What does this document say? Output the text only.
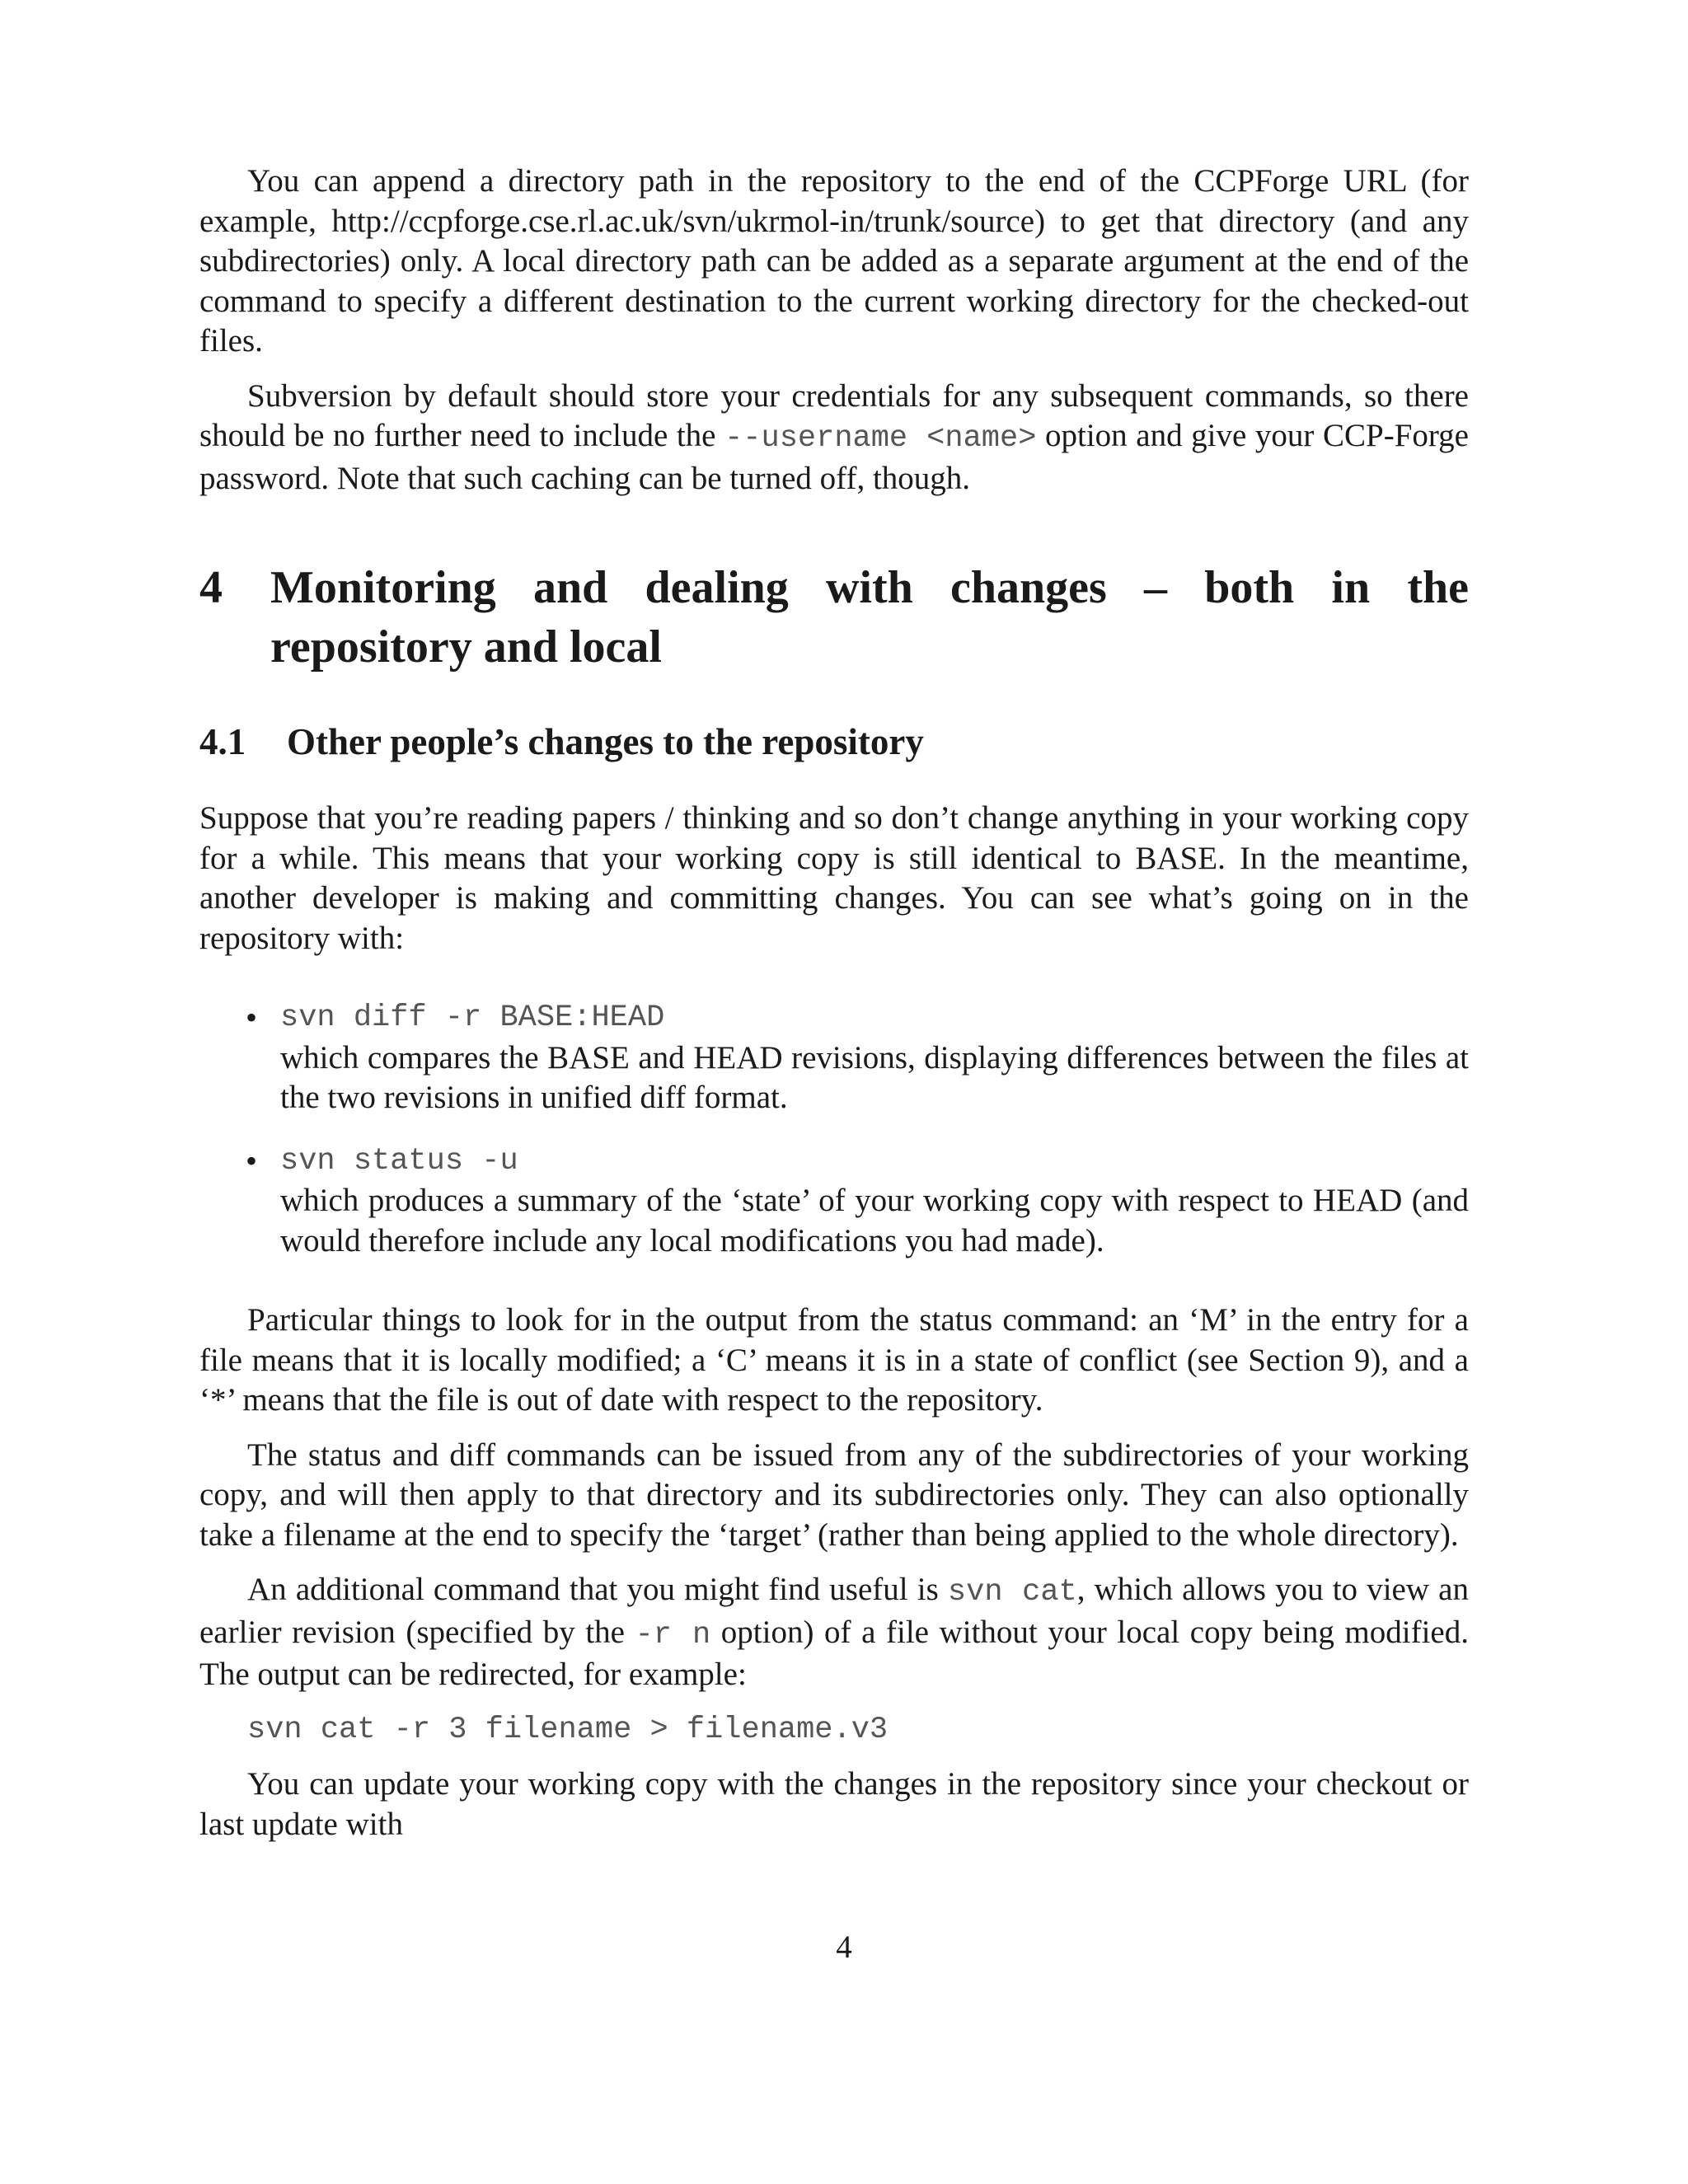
You can append a directory path in the repository to the end of the CCPForge URL (for example, http://ccpforge.cse.rl.ac.uk/svn/ukrmol-in/trunk/source) to get that directory (and any subdirectories) only. A local directory path can be added as a separate argument at the end of the command to specify a different destination to the current working directory for the checked-out files.

Subversion by default should store your credentials for any subsequent commands, so there should be no further need to include the --username <name> option and give your CCP-Forge password. Note that such caching can be turned off, though.

4	Monitoring and dealing with changes – both in the repository and local
4.1	Other people’s changes to the repository

Suppose that you’re reading papers / thinking and so don’t change anything in your working copy for a while. This means that your working copy is still identical to BASE. In the meantime, another developer is making and committing changes. You can see what’s going on in the repository with:

• svn diff -r BASE:HEAD
which compares the BASE and HEAD revisions, displaying differences between the files at the two revisions in unified diff format.
• svn status -u
which produces a summary of the ‘state’ of your working copy with respect to HEAD (and would therefore include any local modifications you had made).

Particular things to look for in the output from the status command: an ‘M’ in the entry for a file means that it is locally modified; a ‘C’ means it is in a state of conflict (see Section 9), and a ‘*’ means that the file is out of date with respect to the repository.

The status and diff commands can be issued from any of the subdirectories of your working copy, and will then apply to that directory and its subdirectories only. They can also optionally take a filename at the end to specify the ‘target’ (rather than being applied to the whole directory).

An additional command that you might find useful is svn cat, which allows you to view an earlier revision (specified by the -r n option) of a file without your local copy being modified. The output can be redirected, for example:

svn cat -r 3 filename > filename.v3

You can update your working copy with the changes in the repository since your checkout or last update with

4
